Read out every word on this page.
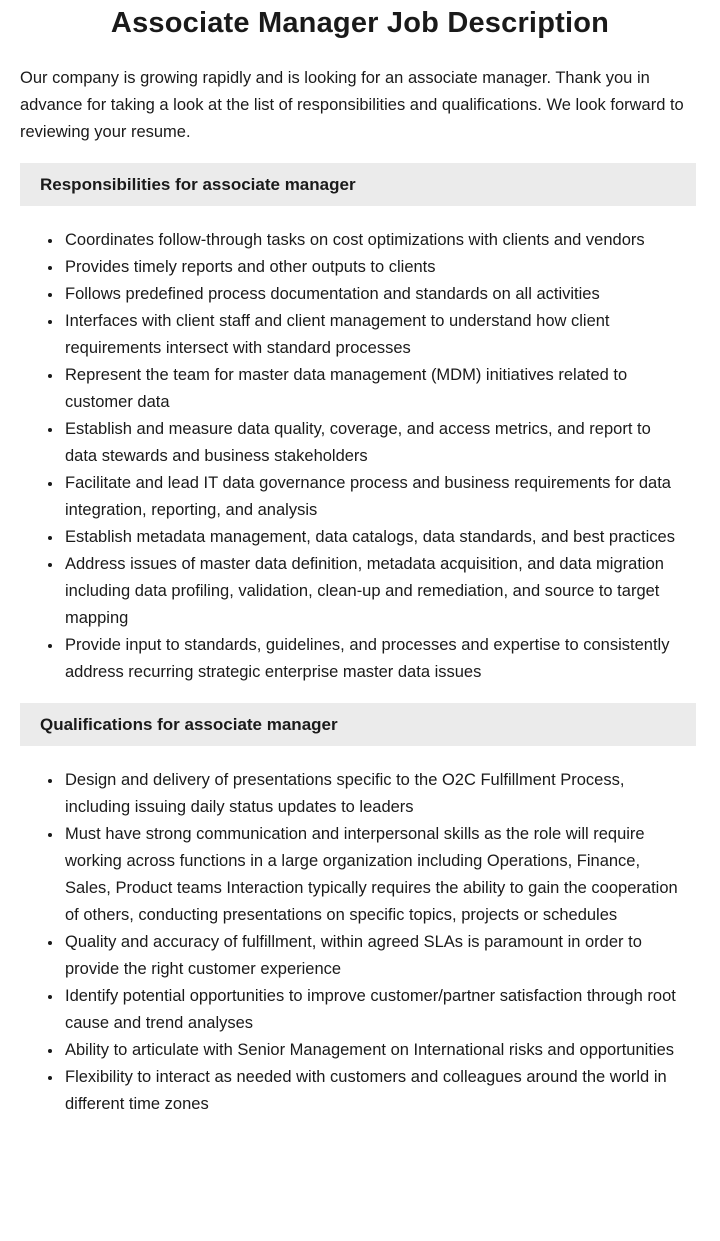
Associate Manager Job Description

Our company is growing rapidly and is looking for an associate manager. Thank you in advance for taking a look at the list of responsibilities and qualifications. We look forward to reviewing your resume.

Responsibilities for associate manager
• Coordinates follow-through tasks on cost optimizations with clients and vendors
• Provides timely reports and other outputs to clients
• Follows predefined process documentation and standards on all activities
• Interfaces with client staff and client management to understand how client requirements intersect with standard processes
• Represent the team for master data management (MDM) initiatives related to customer data
• Establish and measure data quality, coverage, and access metrics, and report to data stewards and business stakeholders
• Facilitate and lead IT data governance process and business requirements for data integration, reporting, and analysis
• Establish metadata management, data catalogs, data standards, and best practices
• Address issues of master data definition, metadata acquisition, and data migration including data profiling, validation, clean-up and remediation, and source to target mapping
• Provide input to standards, guidelines, and processes and expertise to consistently address recurring strategic enterprise master data issues
Qualifications for associate manager
• Design and delivery of presentations specific to the O2C Fulfillment Process, including issuing daily status updates to leaders
• Must have strong communication and interpersonal skills as the role will require working across functions in a large organization including Operations, Finance, Sales, Product teams Interaction typically requires the ability to gain the cooperation of others, conducting presentations on specific topics, projects or schedules
• Quality and accuracy of fulfillment, within agreed SLAs is paramount in order to provide the right customer experience
• Identify potential opportunities to improve customer/partner satisfaction through root cause and trend analyses
• Ability to articulate with Senior Management on International risks and opportunities
• Flexibility to interact as needed with customers and colleagues around the world in different time zones
